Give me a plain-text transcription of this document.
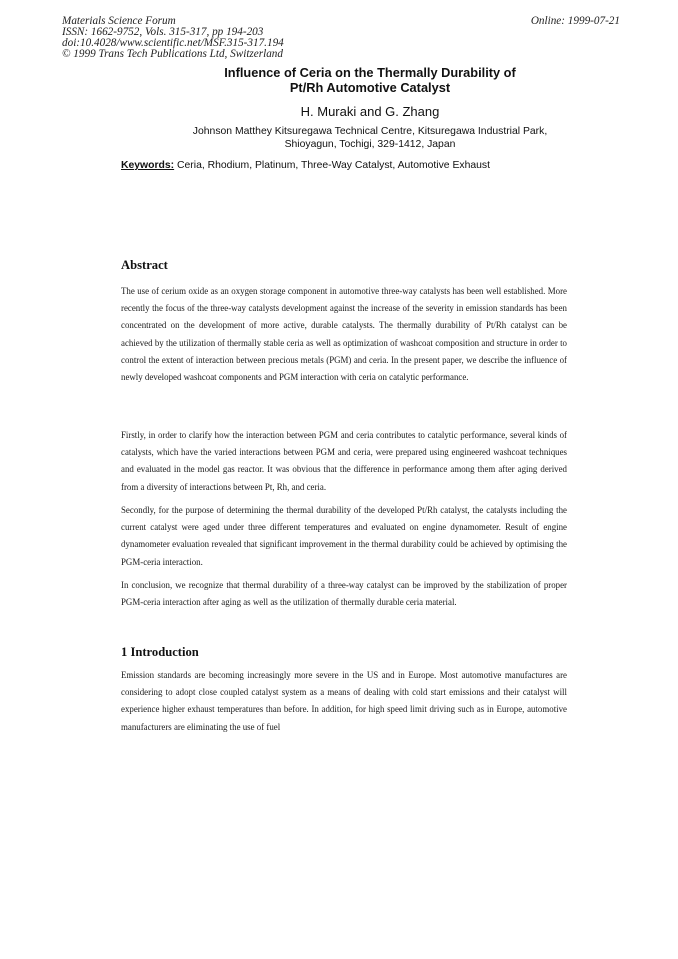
Materials Science Forum
ISSN: 1662-9752, Vols. 315-317, pp 194-203
doi:10.4028/www.scientific.net/MSF.315-317.194
© 1999 Trans Tech Publications Ltd, Switzerland
Online: 1999-07-21
Influence of Ceria on the Thermally Durability of
Pt/Rh Automotive Catalyst
H. Muraki and G. Zhang
Johnson Matthey Kitsuregawa Technical Centre, Kitsuregawa Industrial Park,
Shioyagun, Tochigi, 329-1412, Japan
Keywords: Ceria, Rhodium, Platinum, Three-Way Catalyst, Automotive Exhaust
Abstract

The use of cerium oxide as an oxygen storage component in automotive three-way catalysts has been well established. More recently the focus of the three-way catalysts development against the increase of the severity in emission standards has been concentrated on the development of more active, durable catalysts. The thermally durability of Pt/Rh catalyst can be achieved by the utilization of thermally stable ceria as well as optimization of washcoat composition and structure in order to control the extent of interaction between precious metals (PGM) and ceria. In the present paper, we describe the influence of newly developed washcoat components and PGM interaction with ceria on catalytic performance.

Firstly, in order to clarify how the interaction between PGM and ceria contributes to catalytic performance, several kinds of catalysts, which have the varied interactions between PGM and ceria, were prepared using engineered washcoat techniques and evaluated in the model gas reactor. It was obvious that the difference in performance among them after aging derived from a diversity of interactions between Pt, Rh, and ceria.

Secondly, for the purpose of determining the thermal durability of the developed Pt/Rh catalyst, the catalysts including the current catalyst were aged under three different temperatures and evaluated on engine dynamometer. Result of engine dynamometer evaluation revealed that significant improvement in the thermal durability could be achieved by optimising the PGM-ceria interaction.

In conclusion, we recognize that thermal durability of a three-way catalyst can be improved by the stabilization of proper PGM-ceria interaction after aging as well as the utilization of thermally durable ceria material.

1 Introduction

Emission standards are becoming increasingly more severe in the US and in Europe. Most automotive manufactures are considering to adopt close coupled catalyst system as a means of dealing with cold start emissions and their catalyst will experience higher exhaust temperatures than before. In addition, for high speed limit driving such as in Europe, automotive manufacturers are eliminating the use of fuel
